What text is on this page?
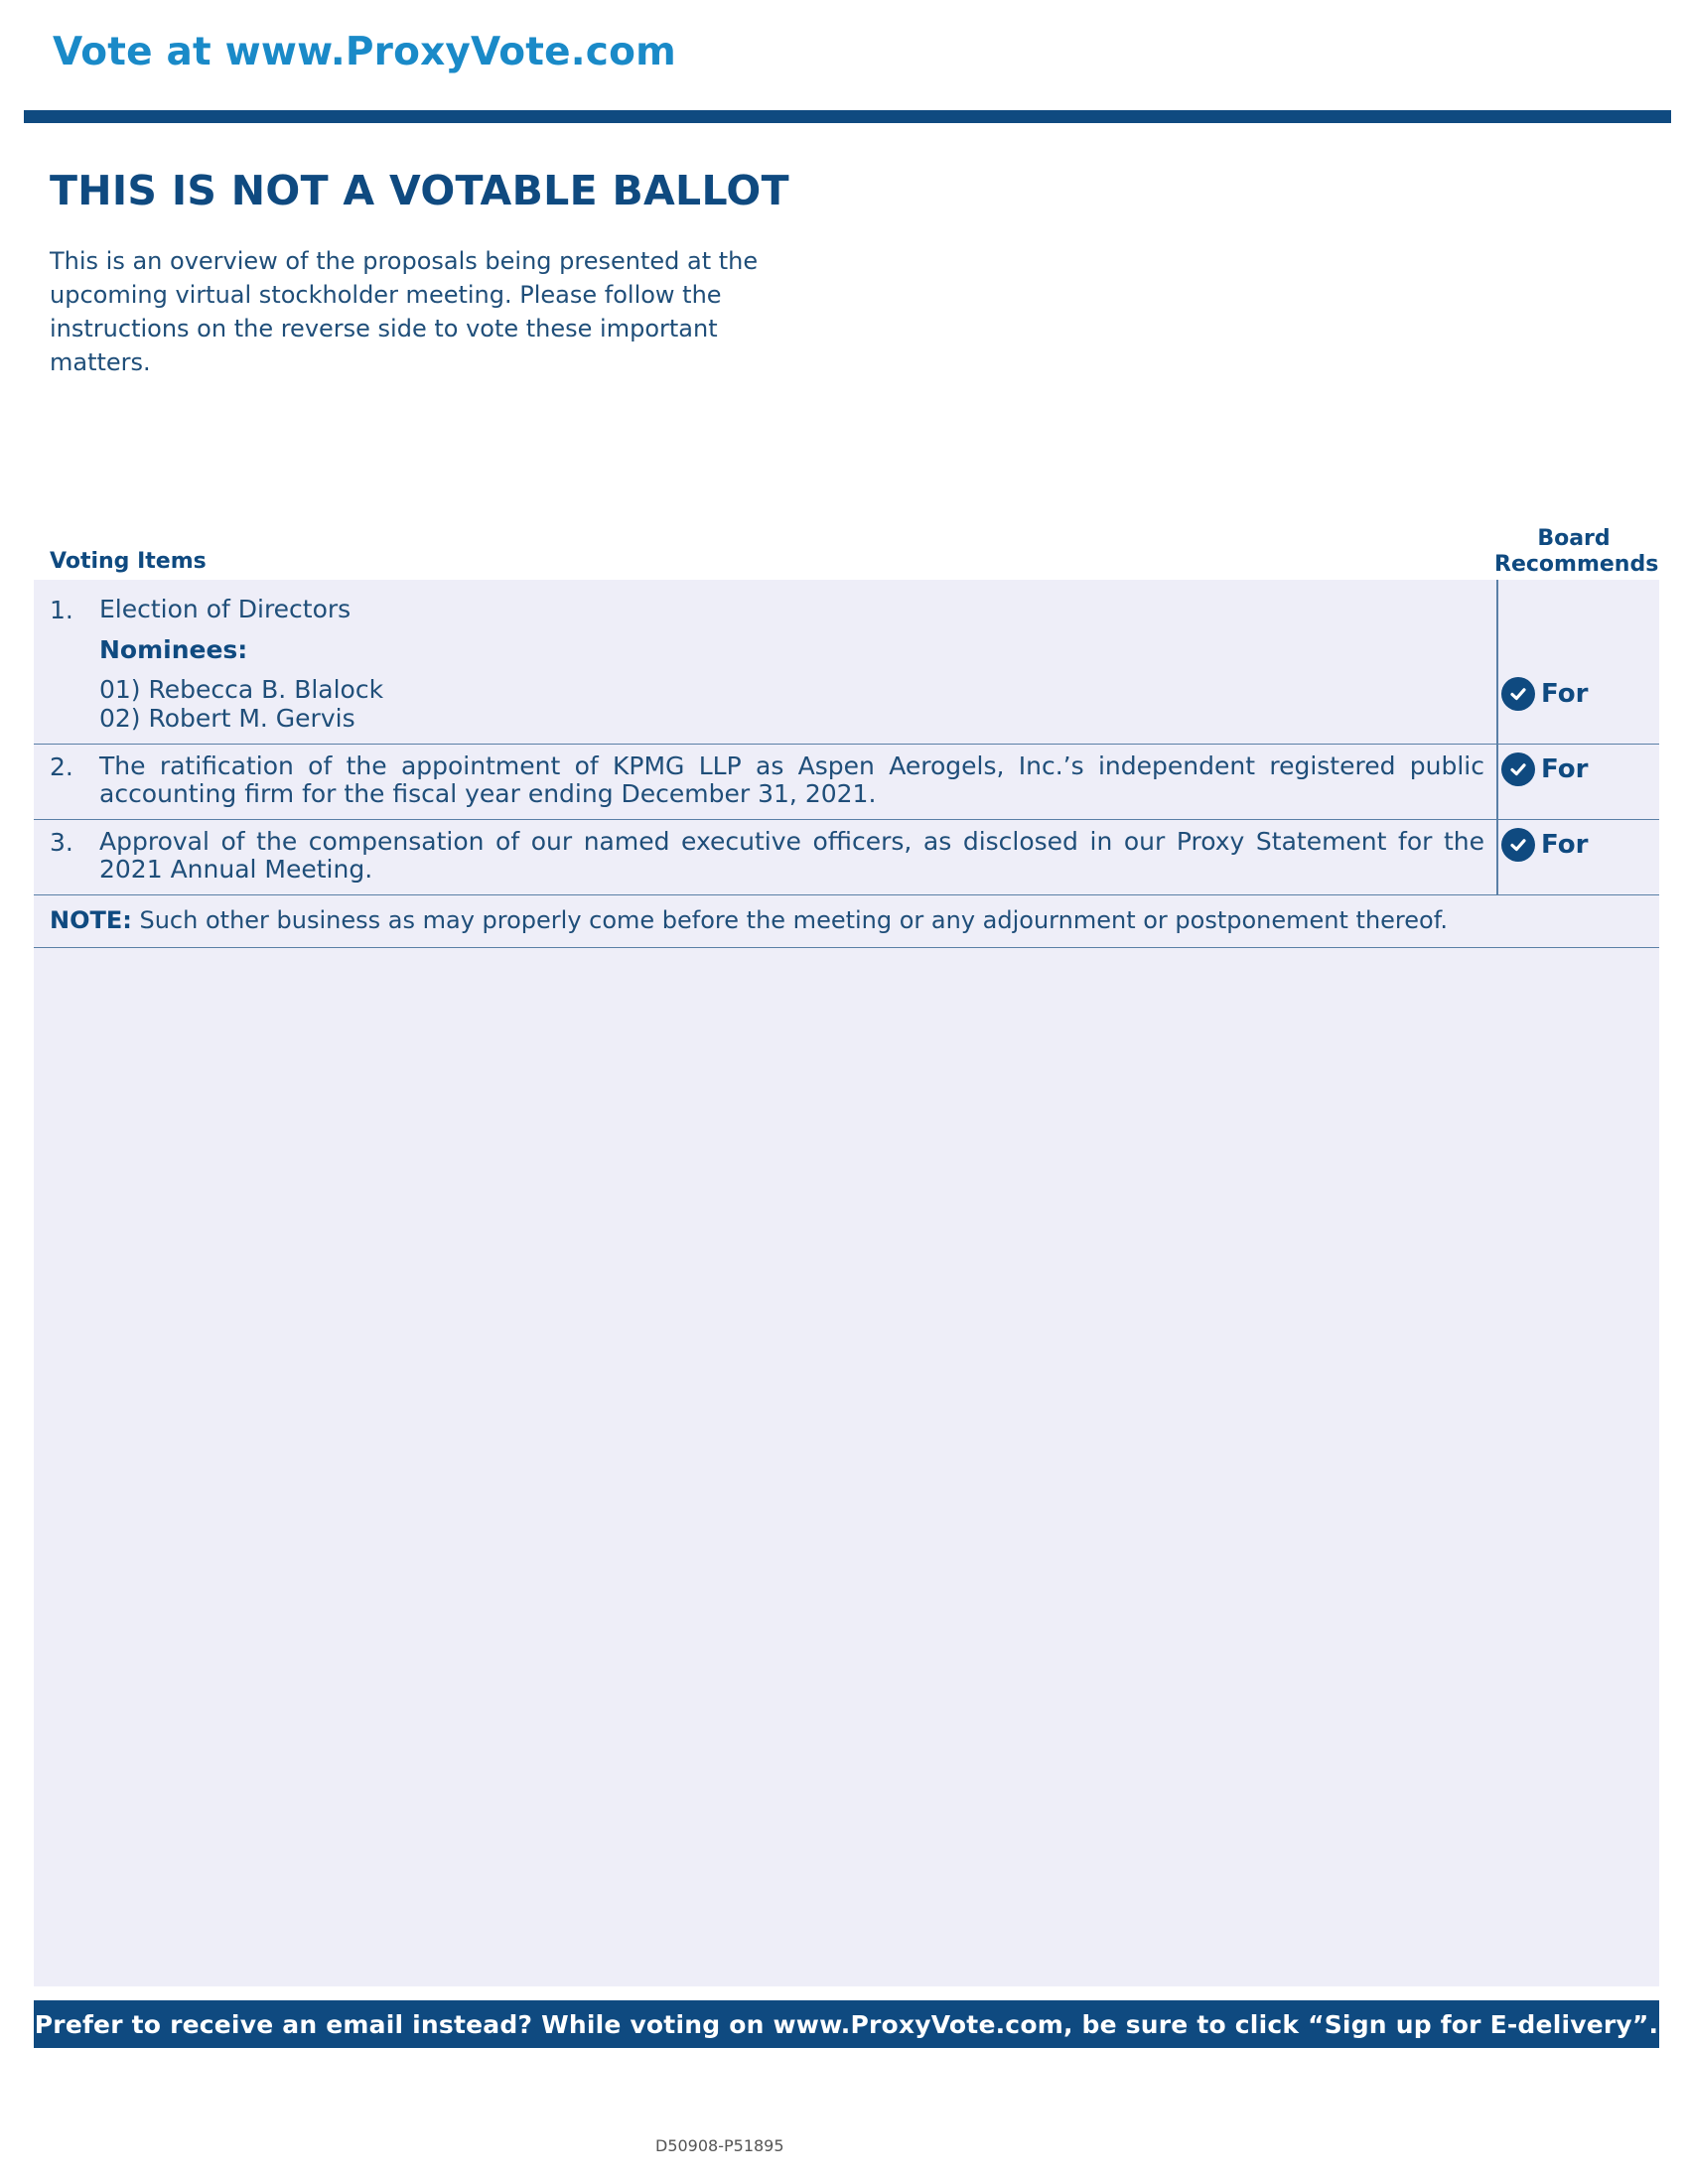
Vote at www.ProxyVote.com
THIS IS NOT A VOTABLE BALLOT
This is an overview of the proposals being presented at the upcoming virtual stockholder meeting. Please follow the instructions on the reverse side to vote these important matters.
Voting Items
Board
Recommends
1. Election of Directors
Nominees:
01) Rebecca B. Blalock
02) Robert M. Gervis
For
2. The ratification of the appointment of KPMG LLP as Aspen Aerogels, Inc.’s independent registered public accounting firm for the fiscal year ending December 31, 2021.
For
3. Approval of the compensation of our named executive officers, as disclosed in our Proxy Statement for the 2021 Annual Meeting.
For
NOTE: Such other business as may properly come before the meeting or any adjournment or postponement thereof.
Prefer to receive an email instead? While voting on www.ProxyVote.com, be sure to click “Sign up for E-delivery”.
D50908-P51895
